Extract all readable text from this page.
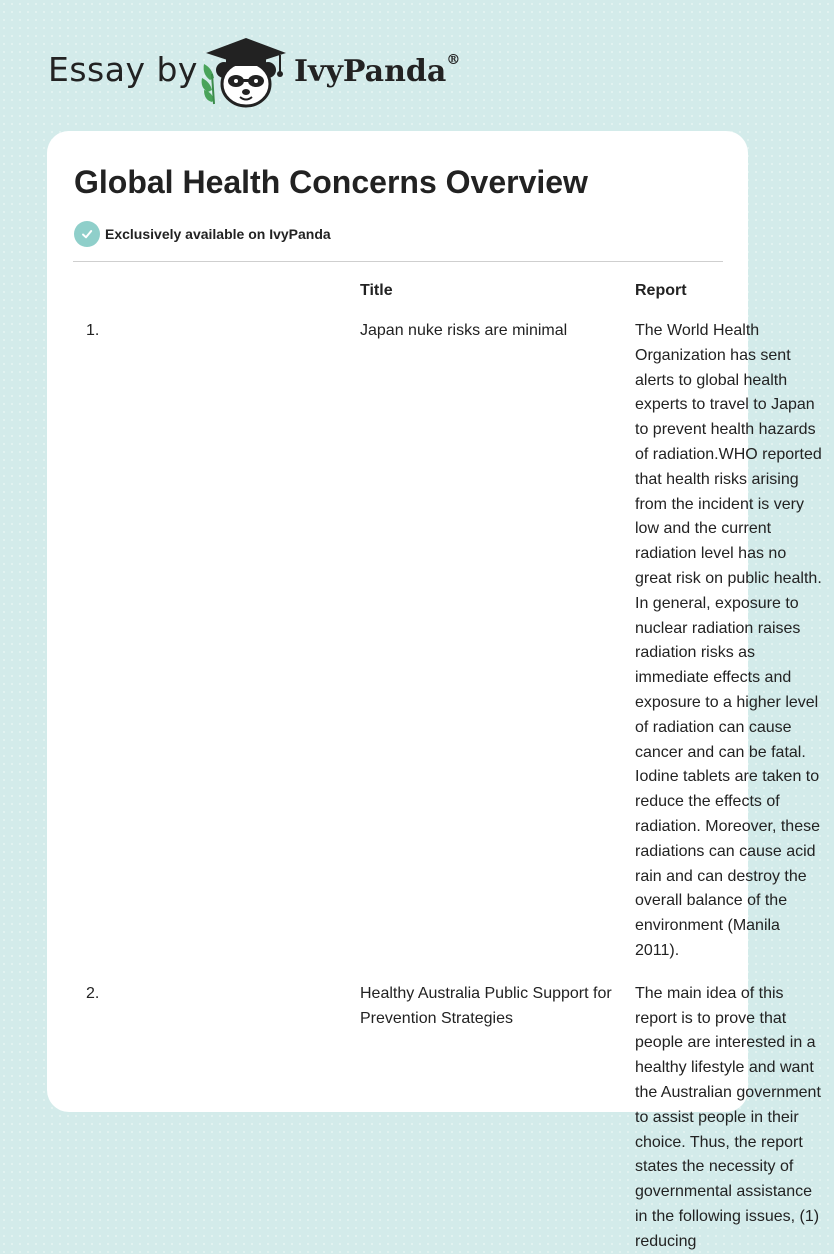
Essay by	IvyPanda®
Global Health Concerns Overview
Exclusively available on IvyPanda
	Title	Report
1.	Japan nuke risks are minimal	The World Health Organization has sent alerts to global health experts to travel to Japan to prevent health hazards of radiation.WHO reported that health risks arising from the incident is very low and the current radiation level has no great risk on public health. In general, exposure to nuclear radiation raises radiation risks as immediate effects and exposure to a higher level of radiation can cause cancer and can be fatal. Iodine tablets are taken to reduce the effects of radiation. Moreover, these radiations can cause acid rain and can destroy the overall balance of the environment (Manila 2011).

2.	Healthy Australia Public Support for Prevention Strategies	The main idea of this report is to prove that people are interested in a healthy lifestyle and want the Australian government to assist people in their choice. Thus, the report states the necessity of governmental assistance in the following issues, (1) reducing
